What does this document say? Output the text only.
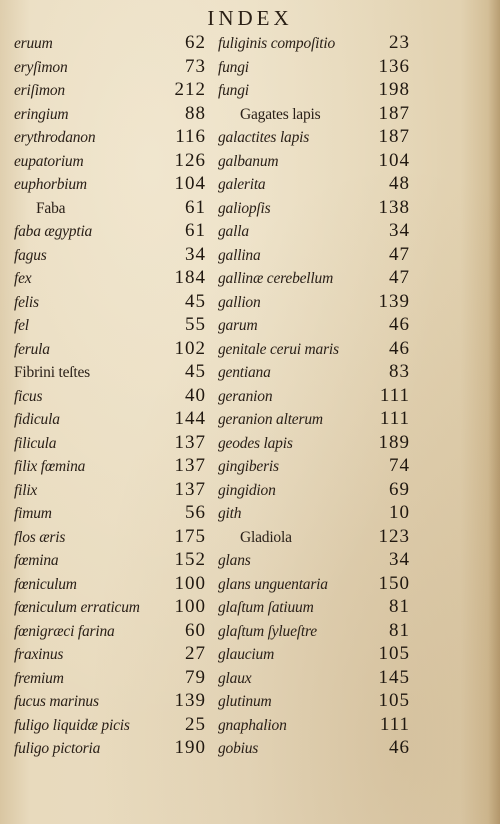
INDEX
eruum	62
eryſimon	73
eriſimon	212
eringium	88
erythrodanon	116
eupatorium	126
euphorbium	104
Faba	61
faba ægyptia	61
fagus	34
fex	184
felis	45
fel	55
ferula	102
Fibrini teſtes	45
ficus	40
fidicula	144
filicula	137
filix fœmina	137
filix	137
fimum	56
flos æris	175
fœmina	152
fœniculum	100
fœniculum erraticum	100
fœnigræci farina	60
fraxinus	27
fremium	79
fucus marinus	139
fuligo liquidæ picis	25
fuligo pictoria	190
fuliginis compoſitio	23
fungi	136
fungi	198
Gagates lapis	187
galactites lapis	187
galbanum	104
galerita	48
galiopſis	138
galla	34
gallina	47
gallinæ cerebellum	47
gallion	139
garum	46
genitale cerui maris	46
gentiana	83
geranion	111
geranion alterum	111
geodes lapis	189
gingiberis	74
gingidion	69
gith	10
Gladiola	123
glans	34
glans unguentaria	150
glaſtum ſatiuum	81
glaſtum ſylueſtre	81
glaucium	105
glaux	145
glutinum	105
gnaphalion	111
gobius	46
